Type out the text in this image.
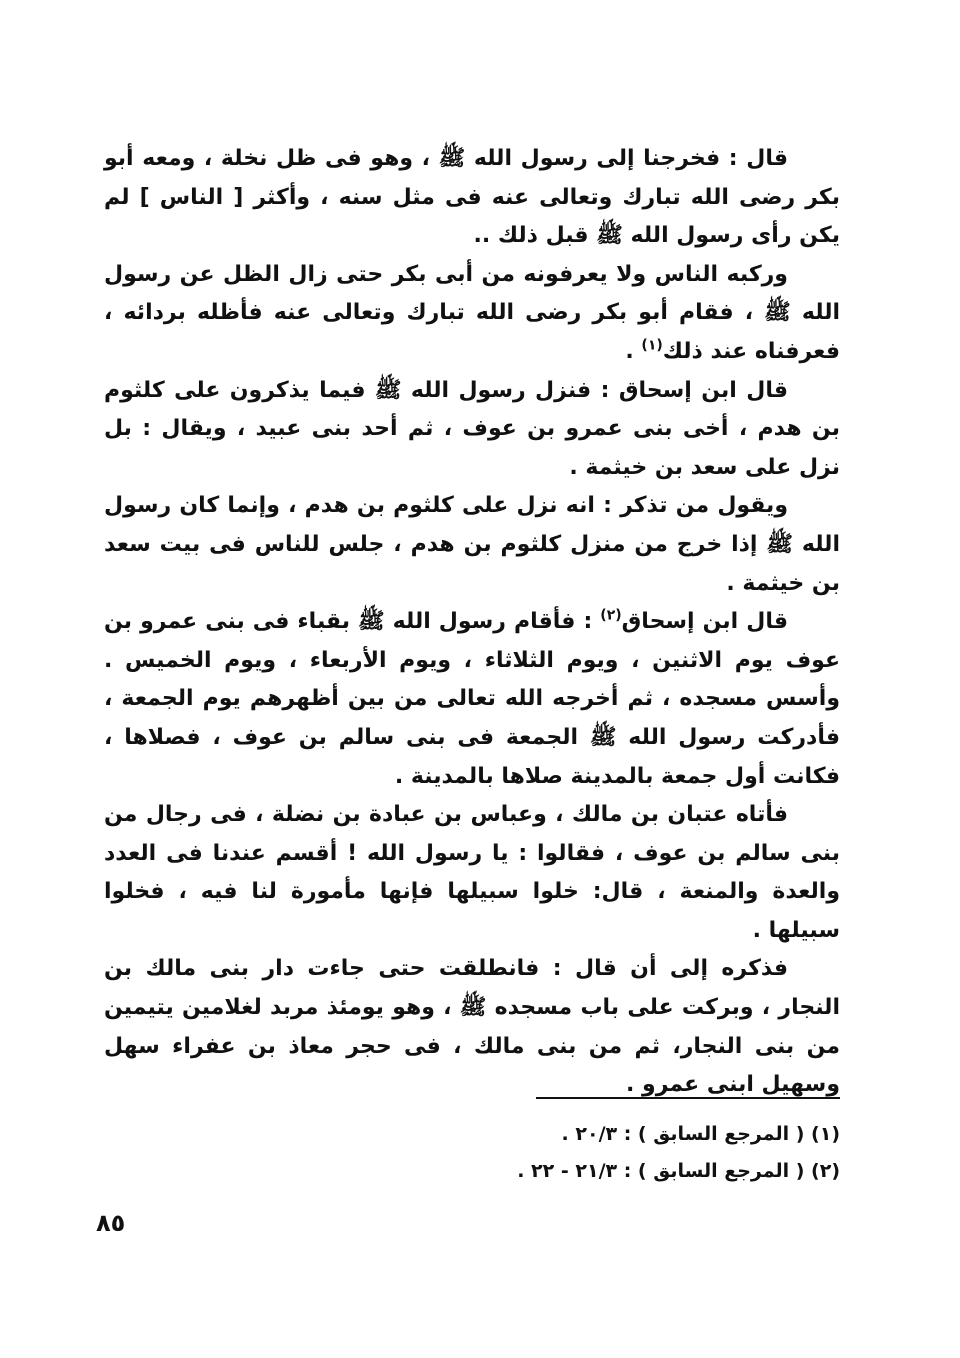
قال : فخرجنا إلى رسول الله ﷺ ، وهو فى ظل نخلة ، ومعه أبو بكر رضى الله تبارك وتعالى عنه فى مثل سنه ، وأكثر [ الناس ] لم يكن رأى رسول الله ﷺ قبل ذلك ..

وركبه الناس ولا يعرفونه من أبى بكر حتى زال الظل عن رسول الله ﷺ ، فقام أبو بكر رضى الله تبارك وتعالى عنه فأظله بردائه ، فعرفناه عند ذلك$^{(١)}$ .

قال ابن إسحاق : فنزل رسول الله ﷺ فيما يذكرون على كلثوم بن هدم ، أخى بنى عمرو بن عوف ، ثم أحد بنى عبيد ، ويقال : بل نزل على سعد بن خيثمة .

ويقول من تذكر : انه نزل على كلثوم بن هدم ، وإنما كان رسول الله ﷺ إذا خرج من منزل كلثوم بن هدم ، جلس للناس فى بيت سعد بن خيثمة .

قال ابن إسحاق$^{(٢)}$ : فأقام رسول الله ﷺ بقباء فى بنى عمرو بن عوف يوم الاثنين ، ويوم الثلاثاء ، ويوم الأربعاء ، ويوم الخميس . وأسس مسجده ، ثم أخرجه الله تعالى من بين أظهرهم يوم الجمعة ، فأدركت رسول الله ﷺ الجمعة فى بنى سالم بن عوف ، فصلاها ، فكانت أول جمعة بالمدينة صلاها بالمدينة .

فأتاه عتبان بن مالك ، وعباس بن عبادة بن نضلة ، فى رجال من بنى سالم بن عوف ، فقالوا : يا رسول الله ! أقسم عندنا فى العدد والعدة والمنعة ، قال: خلوا سبيلها فإنها مأمورة لنا فيه ، فخلوا سبيلها .

فذكره إلى أن قال : فانطلقت حتى جاءت دار بنى مالك بن النجار ، وبركت على باب مسجده ﷺ ، وهو يومئذ مربد لغلامين يتيمين من بنى النجار، ثم من بنى مالك ، فى حجر معاذ بن عفراء سهل وسهيل ابنى عمرو .

(١) ( المرجع السابق ) : ٢٠/٣ .

(٢) ( المرجع السابق ) : ٢١/٣ - ٢٢ .

٨٥
